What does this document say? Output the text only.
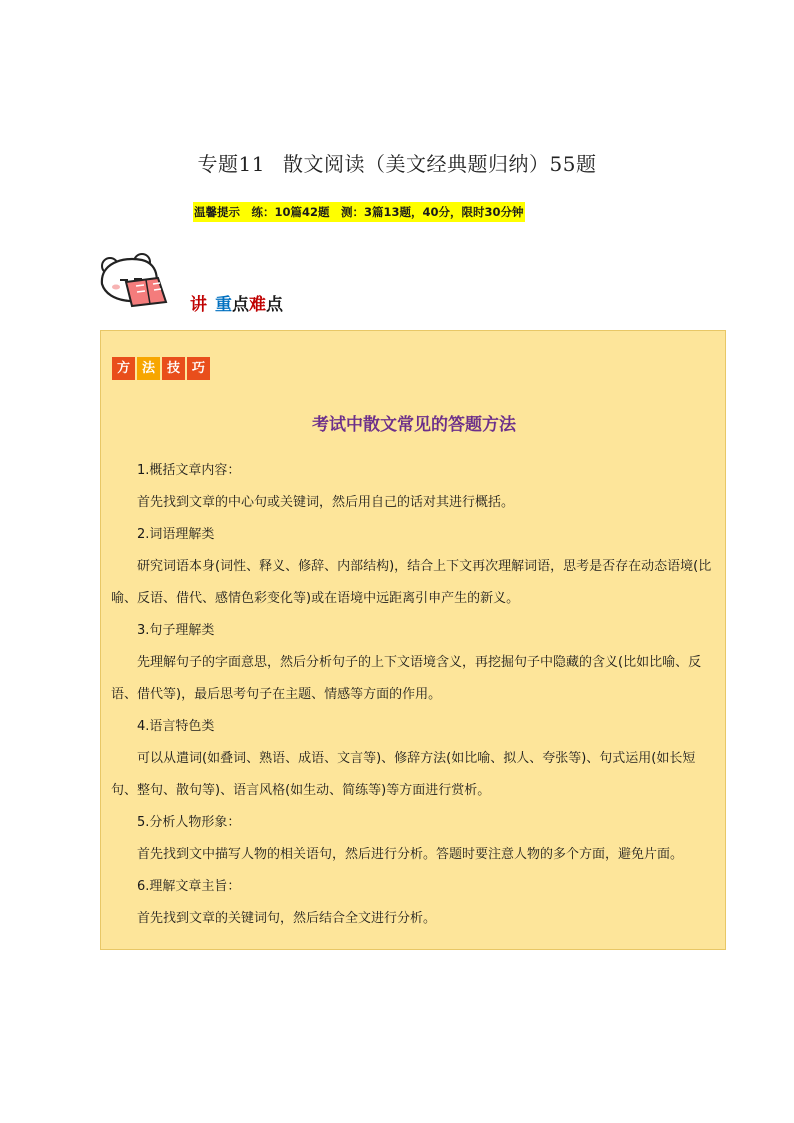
专题11 散文阅读（美文经典题归纳）55题
温馨提示　练：10篇42题　测：3篇13题，40分，限时30分钟
讲 重点难点
方 法 技 巧
考试中散文常见的答题方法

1.概括文章内容：

首先找到文章的中心句或关键词，然后用自己的话对其进行概括。

2.词语理解类

研究词语本身(词性、释义、修辞、内部结构)，结合上下文再次理解词语，思考是否存在动态语境(比喻、反语、借代、感情色彩变化等)或在语境中远距离引申产生的新义。

3.句子理解类

先理解句子的字面意思，然后分析句子的上下文语境含义，再挖掘句子中隐藏的含义(比如比喻、反语、借代等)，最后思考句子在主题、情感等方面的作用。

4.语言特色类

可以从遣词(如叠词、熟语、成语、文言等)、修辞方法(如比喻、拟人、夸张等)、句式运用(如长短句、整句、散句等)、语言风格(如生动、简练等)等方面进行赏析。

5.分析人物形象：

首先找到文中描写人物的相关语句，然后进行分析。答题时要注意人物的多个方面，避免片面。

6.理解文章主旨：

首先找到文章的关键词句，然后结合全文进行分析。
